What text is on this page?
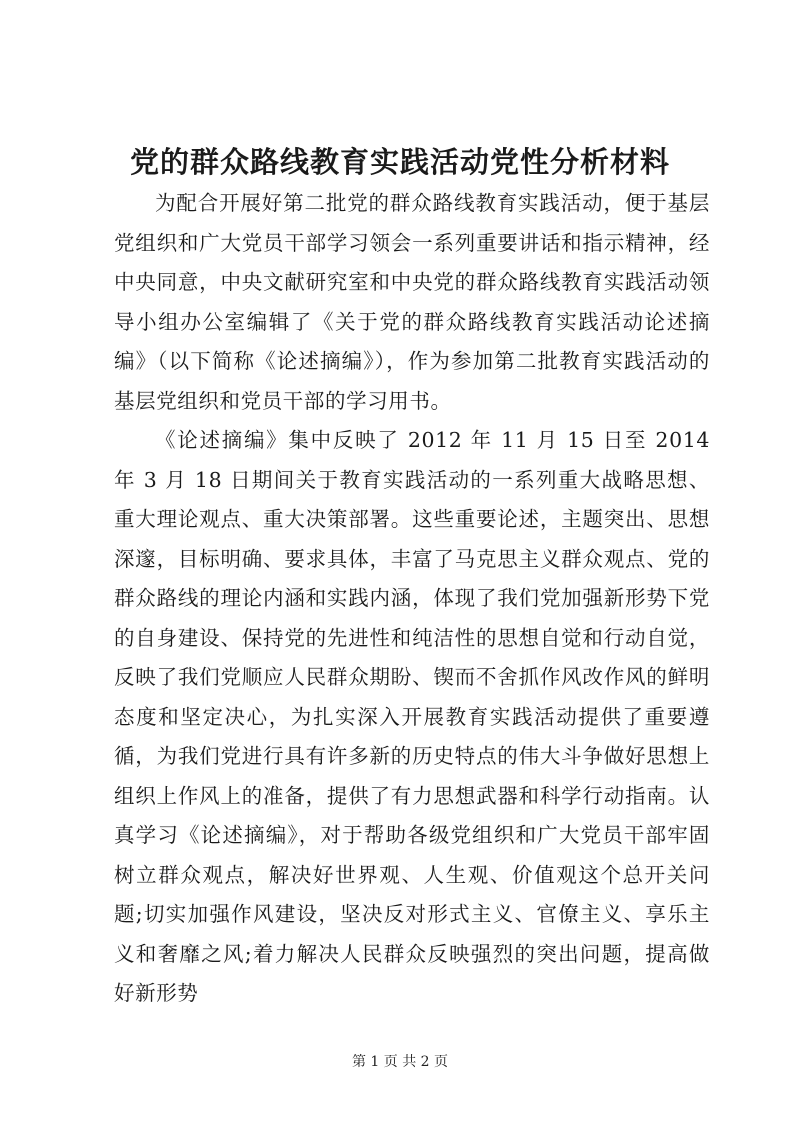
党的群众路线教育实践活动党性分析材料

为配合开展好第二批党的群众路线教育实践活动，便于基层党组织和广大党员干部学习领会一系列重要讲话和指示精神，经中央同意，中央文献研究室和中央党的群众路线教育实践活动领导小组办公室编辑了《关于党的群众路线教育实践活动论述摘编》（以下简称《论述摘编》），作为参加第二批教育实践活动的基层党组织和党员干部的学习用书。

《论述摘编》集中反映了 2012 年 11 月 15 日至 2014 年 3 月 18 日期间关于教育实践活动的一系列重大战略思想、重大理论观点、重大决策部署。这些重要论述，主题突出、思想深邃，目标明确、要求具体，丰富了马克思主义群众观点、党的群众路线的理论内涵和实践内涵，体现了我们党加强新形势下党的自身建设、保持党的先进性和纯洁性的思想自觉和行动自觉，反映了我们党顺应人民群众期盼、锲而不舍抓作风改作风的鲜明态度和坚定决心，为扎实深入开展教育实践活动提供了重要遵循，为我们党进行具有许多新的历史特点的伟大斗争做好思想上组织上作风上的准备，提供了有力思想武器和科学行动指南。认真学习《论述摘编》，对于帮助各级党组织和广大党员干部牢固树立群众观点，解决好世界观、人生观、价值观这个总开关问题;切实加强作风建设，坚决反对形式主义、官僚主义、享乐主义和奢靡之风;着力解决人民群众反映强烈的突出问题，提高做好新形势

第 1 页 共 2 页
